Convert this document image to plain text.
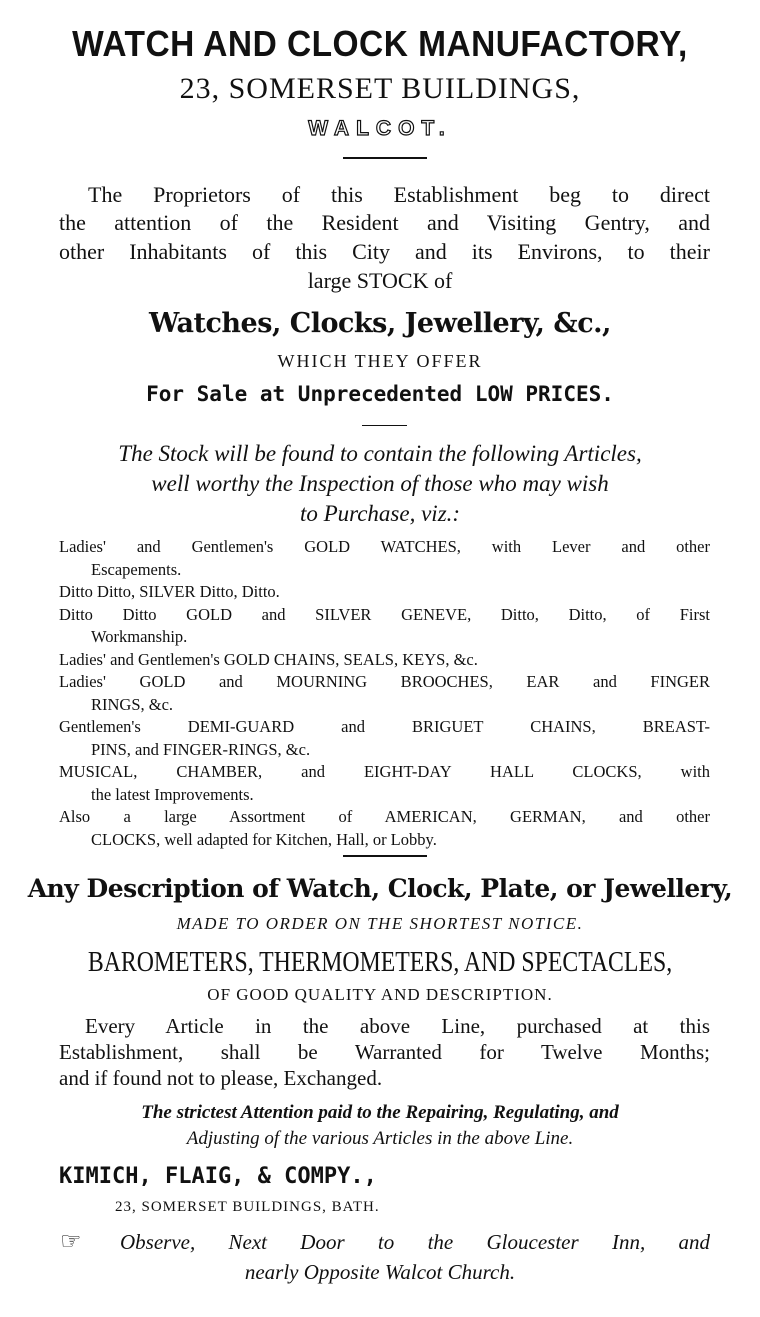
WATCH AND CLOCK MANUFACTORY,
23, SOMERSET BUILDINGS,
WALCOT.
The Proprietors of this Establishment beg to direct
the attention of the Resident and Visiting Gentry, and
other Inhabitants of this City and its Environs, to their
large STOCK of
Watches, Clocks, Jewellery, &c.,
WHICH THEY OFFER
For Sale at Unprecedented LOW PRICES.
The Stock will be found to contain the following Articles,
well worthy the Inspection of those who may wish
to Purchase, viz.:
Ladies' and Gentlemen's GOLD WATCHES, with Lever and other
Escapements.
Ditto Ditto, SILVER Ditto, Ditto.
Ditto Ditto GOLD and SILVER GENEVE, Ditto, Ditto, of First
Workmanship.
Ladies' and Gentlemen's GOLD CHAINS, SEALS, KEYS, &c.
Ladies' GOLD and MOURNING BROOCHES, EAR and FINGER
RINGS, &c.
Gentlemen's DEMI-GUARD and BRIGUET CHAINS, BREAST-
PINS, and FINGER-RINGS, &c.
MUSICAL, CHAMBER, and EIGHT-DAY HALL CLOCKS, with
the latest Improvements.
Also a large Assortment of AMERICAN, GERMAN, and other
CLOCKS, well adapted for Kitchen, Hall, or Lobby.
Any Description of Watch, Clock, Plate, or Jewellery,
MADE TO ORDER ON THE SHORTEST NOTICE.
BAROMETERS, THERMOMETERS, AND SPECTACLES,
OF GOOD QUALITY AND DESCRIPTION.
Every Article in the above Line, purchased at this
Establishment, shall be Warranted for Twelve Months;
and if found not to please, Exchanged.
The strictest Attention paid to the Repairing, Regulating, and
Adjusting of the various Articles in the above Line.
KIMICH, FLAIG, & COMPY.,
23, SOMERSET BUILDINGS, BATH.
☞ Observe, Next Door to the Gloucester Inn, and
nearly Opposite Walcot Church.
